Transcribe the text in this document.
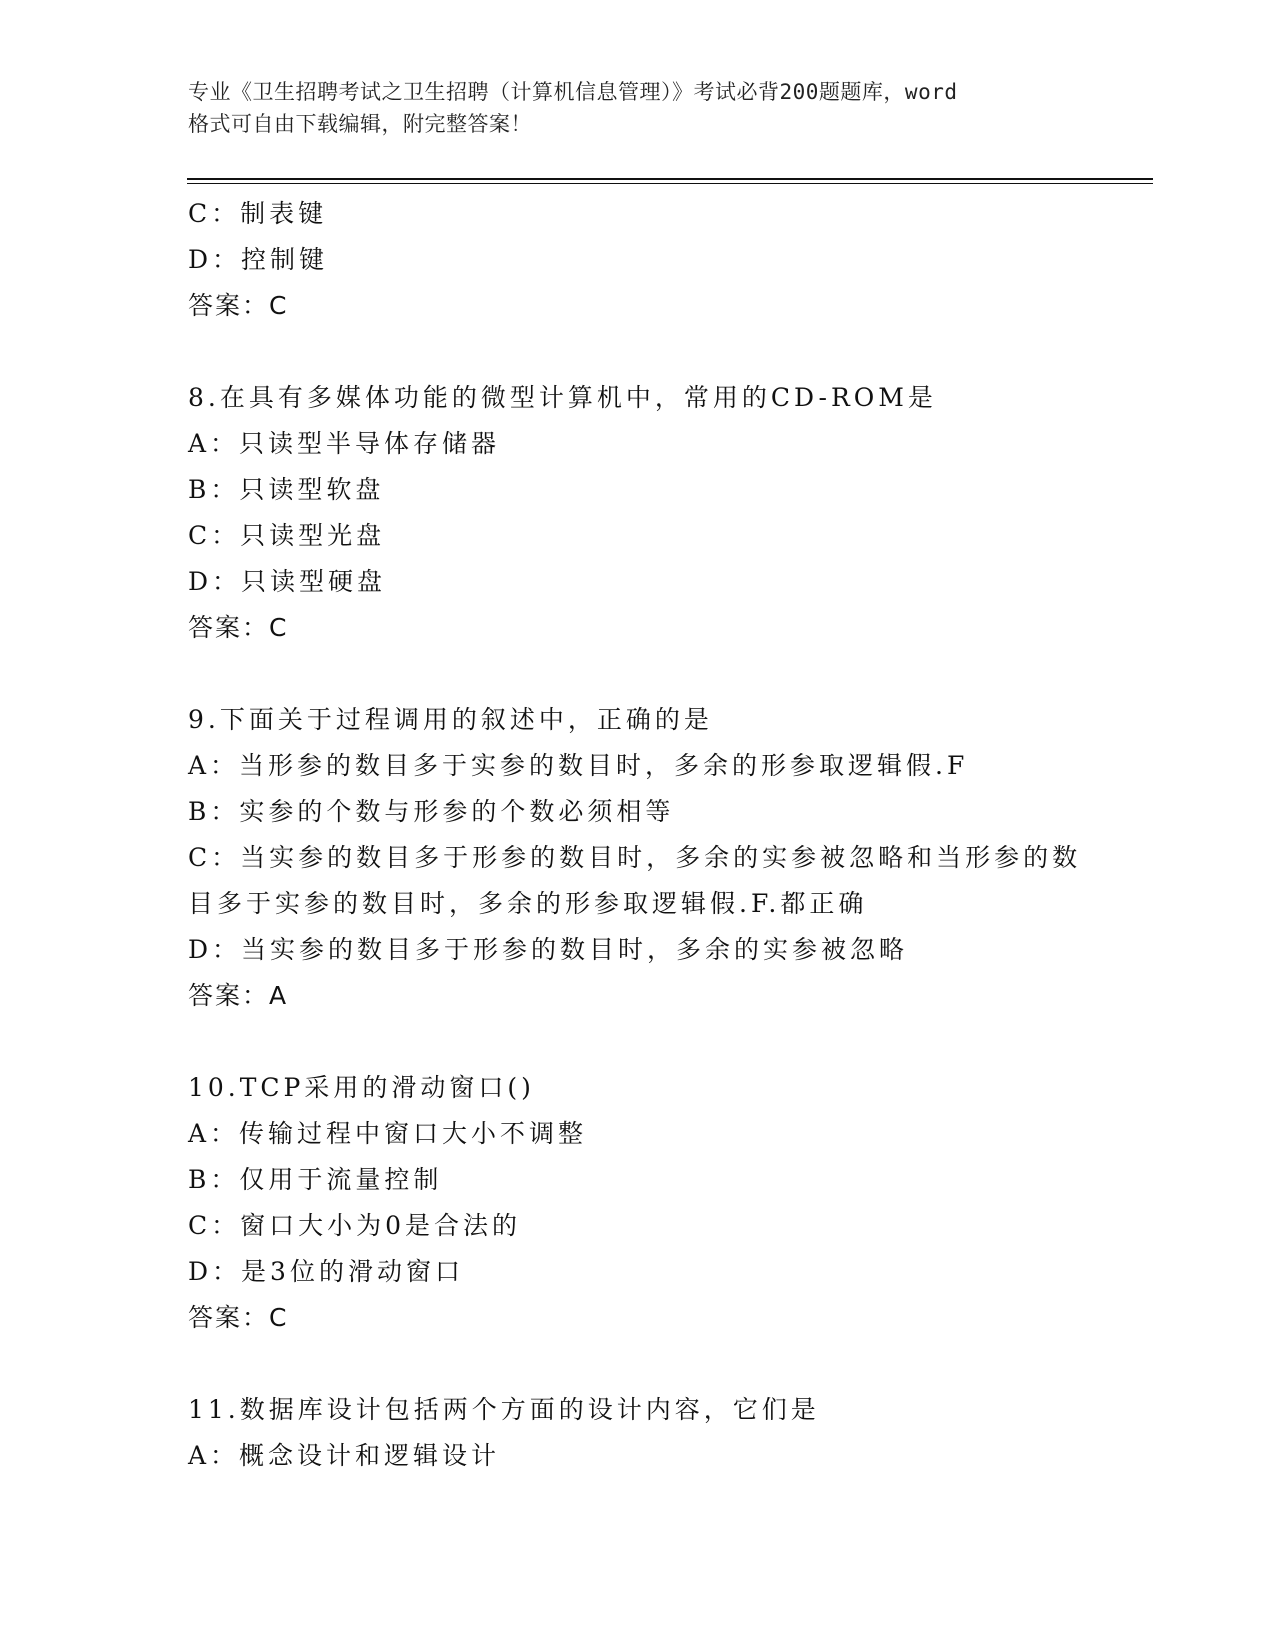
专业《卫生招聘考试之卫生招聘（计算机信息管理）》考试必背200题题库，word
格式可自由下载编辑，附完整答案！
C：制表键
D：控制键
答案：C
8.在具有多媒体功能的微型计算机中，常用的CD-ROM是
A：只读型半导体存储器
B：只读型软盘
C：只读型光盘
D：只读型硬盘
答案：C
9.下面关于过程调用的叙述中，正确的是
A：当形参的数目多于实参的数目时，多余的形参取逻辑假.F
B：实参的个数与形参的个数必须相等
C：当实参的数目多于形参的数目时，多余的实参被忽略和当形参的数
目多于实参的数目时，多余的形参取逻辑假.F.都正确
D：当实参的数目多于形参的数目时，多余的实参被忽略
答案：A
10.TCP采用的滑动窗口()
A：传输过程中窗口大小不调整
B：仅用于流量控制
C：窗口大小为0是合法的
D：是3位的滑动窗口
答案：C
11.数据库设计包括两个方面的设计内容，它们是
A：概念设计和逻辑设计
